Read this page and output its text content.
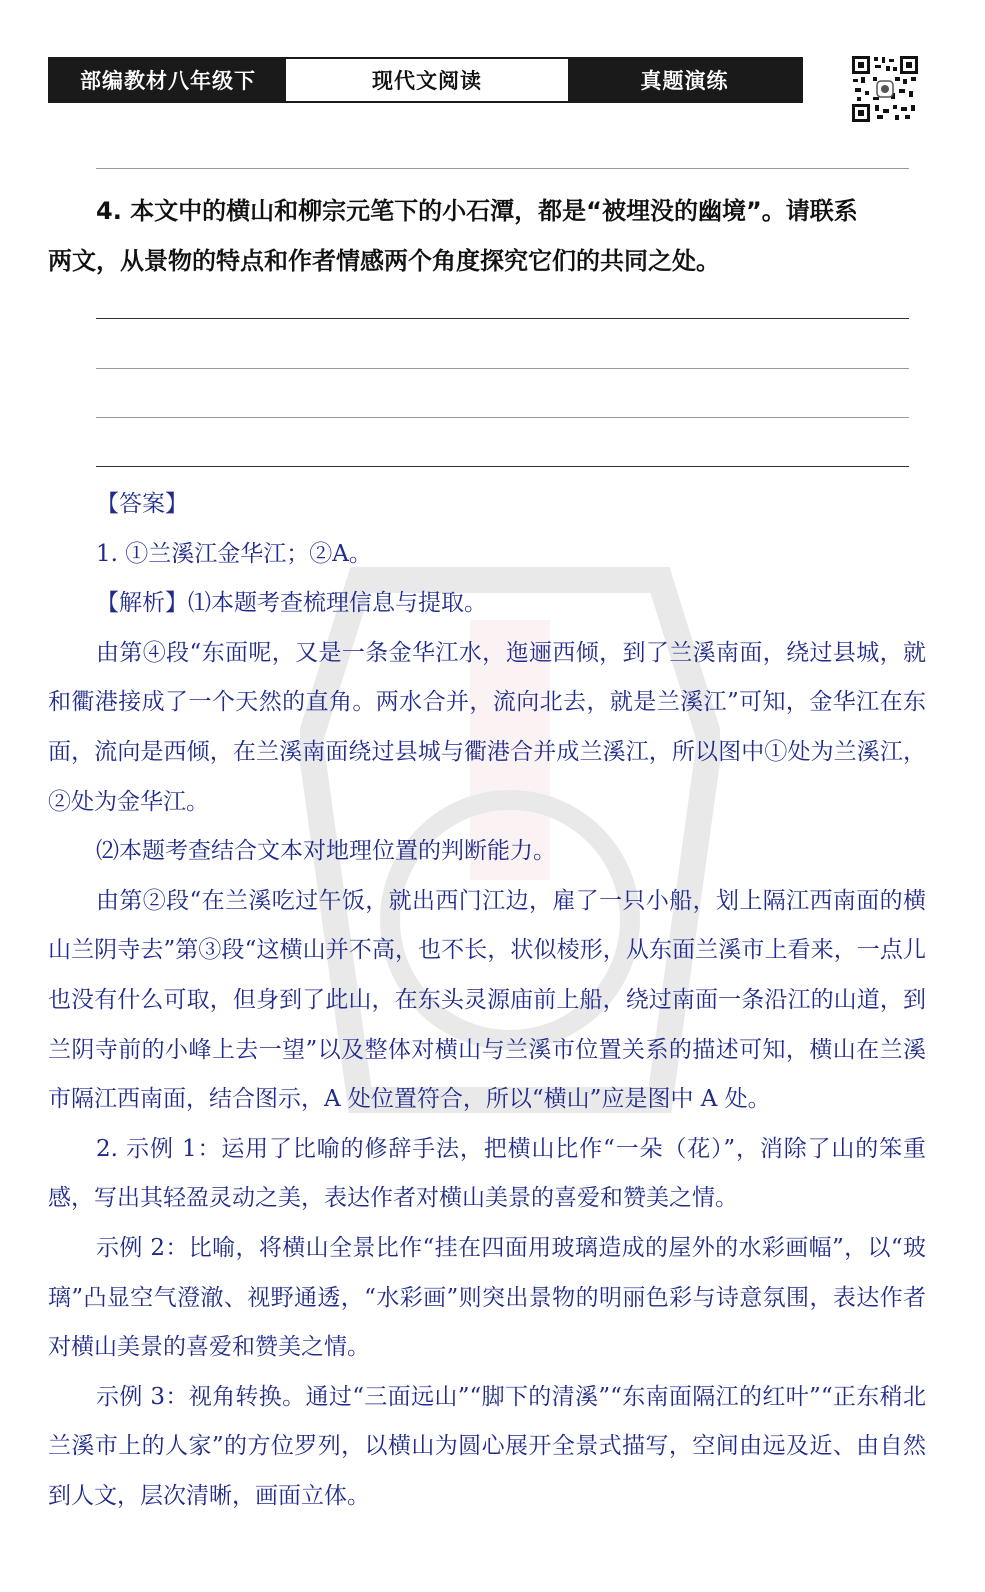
部编教材八年级下	现代文阅读	真题演练
4. 本文中的横山和柳宗元笔下的小石潭，都是“被埋没的幽境”。请联系
两文，从景物的特点和作者情感两个角度探究它们的共同之处。

【答案】

1. ①兰溪江金华江；②A。

【解析】⑴本题考查梳理信息与提取。

由第④段“东面呢，又是一条金华江水，迤逦西倾，到了兰溪南面，绕过县城，就和衢港接成了一个天然的直角。两水合并，流向北去，就是兰溪江”可知，金华江在东面，流向是西倾，在兰溪南面绕过县城与衢港合并成兰溪江，所以图中①处为兰溪江，②处为金华江。

⑵本题考查结合文本对地理位置的判断能力。

由第②段“在兰溪吃过午饭，就出西门江边，雇了一只小船，划上隔江西南面的横山兰阴寺去”第③段“这横山并不高，也不长，状似棱形，从东面兰溪市上看来，一点儿也没有什么可取，但身到了此山，在东头灵源庙前上船，绕过南面一条沿江的山道，到兰阴寺前的小峰上去一望”以及整体对横山与兰溪市位置关系的描述可知，横山在兰溪市隔江西南面，结合图示，A 处位置符合，所以“横山”应是图中 A 处。

2. 示例 1：运用了比喻的修辞手法，把横山比作“一朵（花）”，消除了山的笨重感，写出其轻盈灵动之美，表达作者对横山美景的喜爱和赞美之情。

示例 2：比喻，将横山全景比作“挂在四面用玻璃造成的屋外的水彩画幅”，以“玻璃”凸显空气澄澈、视野通透，“水彩画”则突出景物的明丽色彩与诗意氛围，表达作者对横山美景的喜爱和赞美之情。

示例 3：视角转换。通过“三面远山”“脚下的清溪”“东南面隔江的红叶”“正东稍北兰溪市上的人家”的方位罗列，以横山为圆心展开全景式描写，空间由远及近、由自然到人文，层次清晰，画面立体。
